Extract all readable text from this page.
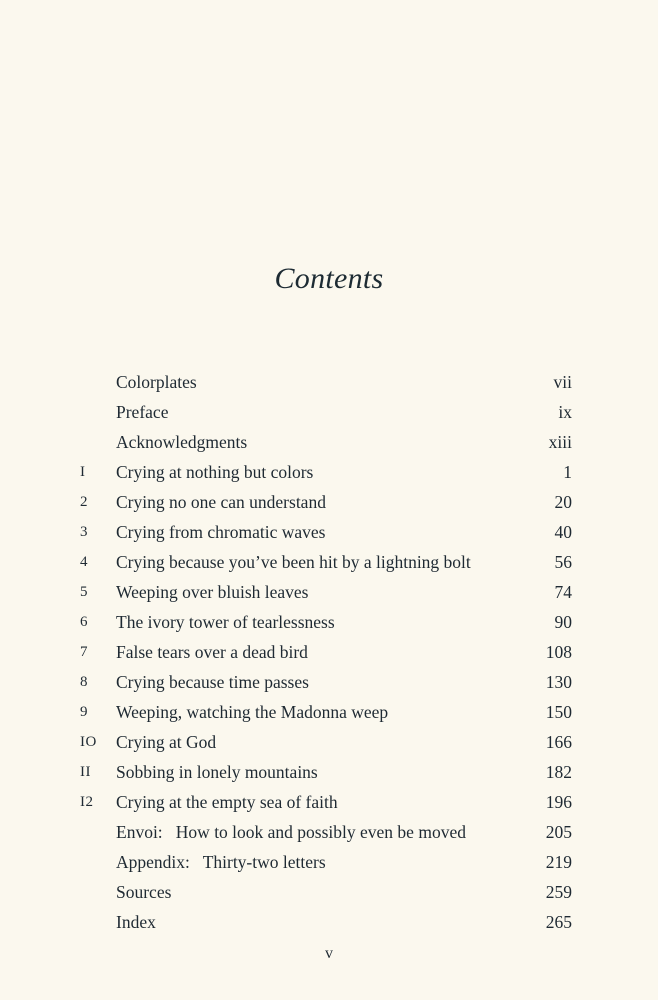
Contents
Colorplates	vii
Preface	ix
Acknowledgments	xiii
I	Crying at nothing but colors	1
2	Crying no one can understand	20
3	Crying from chromatic waves	40
4	Crying because you’ve been hit by a lightning bolt	56
5	Weeping over bluish leaves	74
6	The ivory tower of tearlessness	90
7	False tears over a dead bird	108
8	Crying because time passes	130
9	Weeping, watching the Madonna weep	150
IO	Crying at God	166
II	Sobbing in lonely mountains	182
I2	Crying at the empty sea of faith	196
Envoi:   How to look and possibly even be moved	205
Appendix:   Thirty-two letters	219
Sources	259
Index	265
v
